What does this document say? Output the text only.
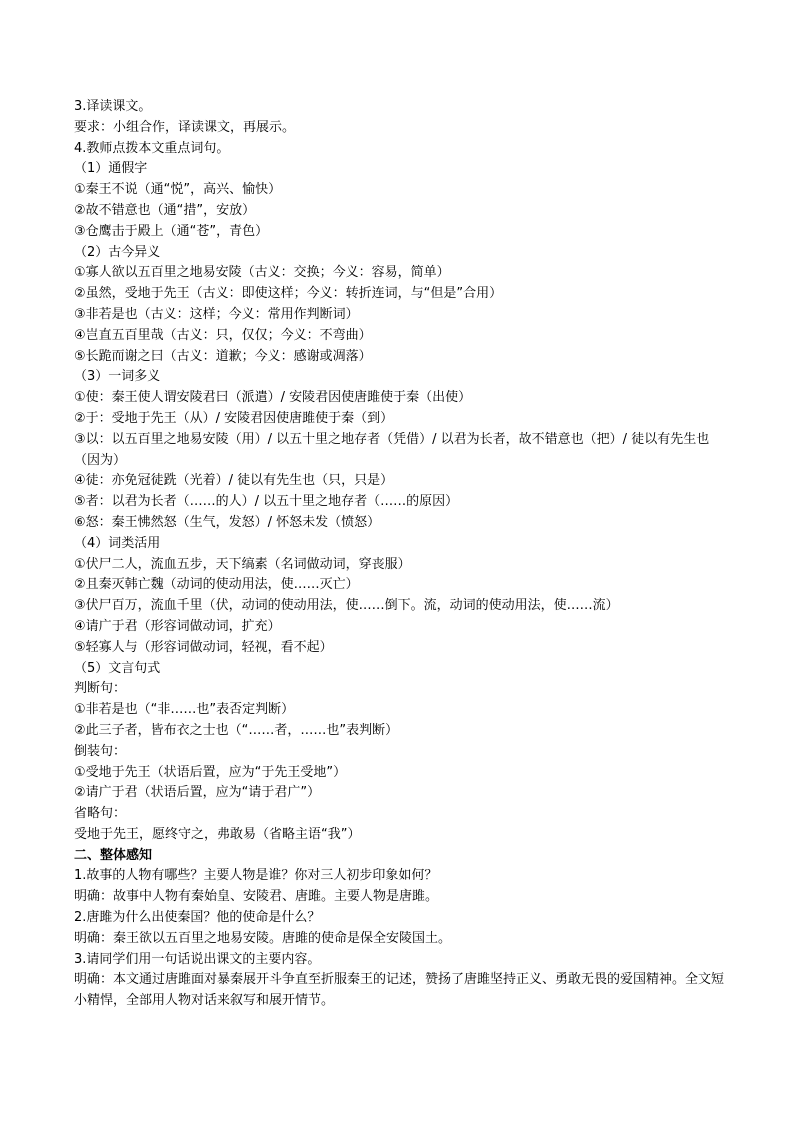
3.译读课文。

要求：小组合作，译读课文，再展示。

4.教师点拨本文重点词句。

（1）通假字

①秦王不说（通“悦”，高兴、愉快）

②故不错意也（通“措”，安放）

③仓鹰击于殿上（通“苍”，青色）

（2）古今异义

①寡人欲以五百里之地易安陵（古义：交换；今义：容易，简单）

②虽然，受地于先王（古义：即使这样；今义：转折连词，与“但是”合用）

③非若是也（古义：这样；今义：常用作判断词）

④岂直五百里哉（古义：只，仅仅；今义：不弯曲）

⑤长跪而谢之曰（古义：道歉；今义：感谢或凋落）

（3）一词多义

①使：秦王使人谓安陵君曰（派遣）/ 安陵君因使唐雎使于秦（出使）

②于：受地于先王（从）/ 安陵君因使唐雎使于秦（到）

③以：以五百里之地易安陵（用）/ 以五十里之地存者（凭借）/ 以君为长者，故不错意也（把）/ 徒以有先生也（因为）

④徒：亦免冠徒跣（光着）/ 徒以有先生也（只，只是）

⑤者：以君为长者（……的人）/ 以五十里之地存者（……的原因）

⑥怒：秦王怫然怒（生气，发怒）/ 怀怒未发（愤怒）

（4）词类活用

①伏尸二人，流血五步，天下缟素（名词做动词，穿丧服）

②且秦灭韩亡魏（动词的使动用法，使……灭亡）

③伏尸百万，流血千里（伏，动词的使动用法，使……倒下。流，动词的使动用法，使……流）

④请广于君（形容词做动词，扩充）

⑤轻寡人与（形容词做动词，轻视，看不起）

（5）文言句式

判断句：

①非若是也（“非……也”表否定判断）

②此三子者，皆布衣之士也（“……者，……也”表判断）

倒装句：

①受地于先王（状语后置，应为“于先王受地”）

②请广于君（状语后置，应为“请于君广”）

省略句：

受地于先王，愿终守之，弗敢易（省略主语“我”）

二、整体感知

1.故事的人物有哪些？主要人物是谁？你对三人初步印象如何？

明确：故事中人物有秦始皇、安陵君、唐雎。主要人物是唐雎。

2.唐雎为什么出使秦国？他的使命是什么？

明确：秦王欲以五百里之地易安陵。唐雎的使命是保全安陵国土。

3.请同学们用一句话说出课文的主要内容。

明确：本文通过唐雎面对暴秦展开斗争直至折服秦王的记述，赞扬了唐雎坚持正义、勇敢无畏的爱国精神。全文短小精悍，全部用人物对话来叙写和展开情节。
